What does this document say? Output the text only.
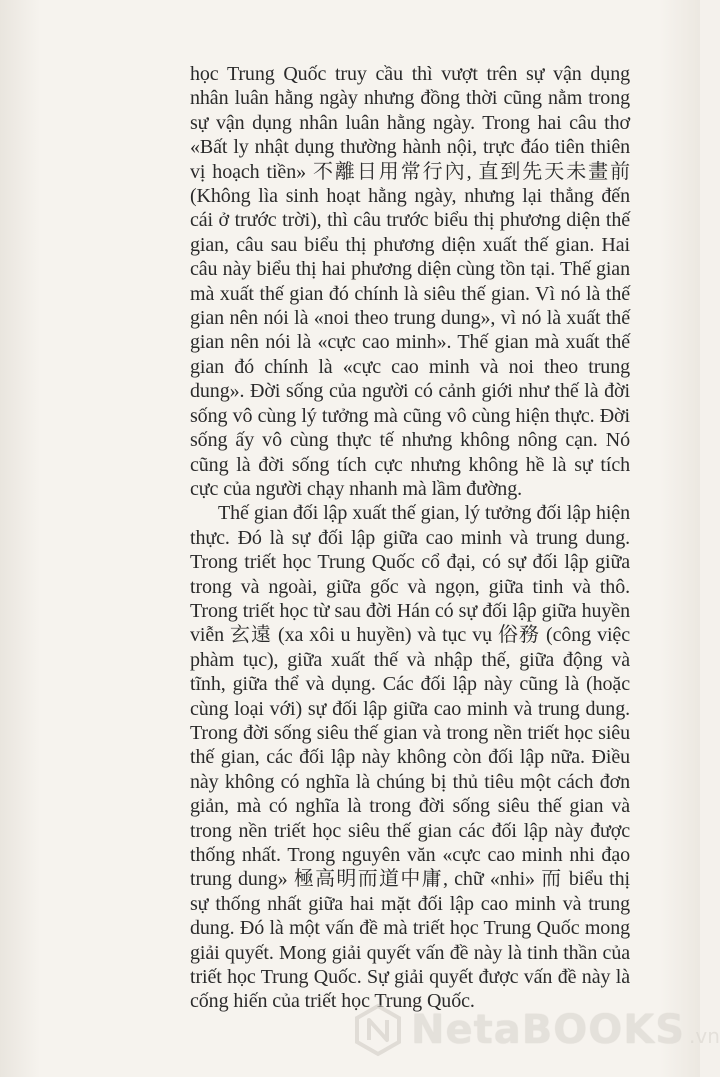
học Trung Quốc truy cầu thì vượt trên sự vận dụng nhân luân hằng ngày nhưng đồng thời cũng nằm trong sự vận dụng nhân luân hằng ngày. Trong hai câu thơ «Bất ly nhật dụng thường hành nội, trực đáo tiên thiên vị hoạch tiền» 不離日用常行內, 直到先天未畫前 (Không lìa sinh hoạt hằng ngày, nhưng lại thẳng đến cái ở trước trời), thì câu trước biểu thị phương diện thế gian, câu sau biểu thị phương diện xuất thế gian. Hai câu này biểu thị hai phương diện cùng tồn tại. Thế gian mà xuất thế gian đó chính là siêu thế gian. Vì nó là thế gian nên nói là «noi theo trung dung», vì nó là xuất thế gian nên nói là «cực cao minh». Thế gian mà xuất thế gian đó chính là «cực cao minh và noi theo trung dung». Đời sống của người có cảnh giới như thế là đời sống vô cùng lý tưởng mà cũng vô cùng hiện thực. Đời sống ấy vô cùng thực tế nhưng không nông cạn. Nó cũng là đời sống tích cực nhưng không hề là sự tích cực của người chạy nhanh mà lầm đường.

Thế gian đối lập xuất thế gian, lý tưởng đối lập hiện thực. Đó là sự đối lập giữa cao minh và trung dung. Trong triết học Trung Quốc cổ đại, có sự đối lập giữa trong và ngoài, giữa gốc và ngọn, giữa tinh và thô. Trong triết học từ sau đời Hán có sự đối lập giữa huyền viễn 玄遠 (xa xôi u huyền) và tục vụ 俗務 (công việc phàm tục), giữa xuất thế và nhập thế, giữa động và tĩnh, giữa thể và dụng. Các đối lập này cũng là (hoặc cùng loại với) sự đối lập giữa cao minh và trung dung. Trong đời sống siêu thế gian và trong nền triết học siêu thế gian, các đối lập này không còn đối lập nữa. Điều này không có nghĩa là chúng bị thủ tiêu một cách đơn giản, mà có nghĩa là trong đời sống siêu thế gian và trong nền triết học siêu thế gian các đối lập này được thống nhất. Trong nguyên văn «cực cao minh nhi đạo trung dung» 極高明而道中庸, chữ «nhi» 而 biểu thị sự thống nhất giữa hai mặt đối lập cao minh và trung dung. Đó là một vấn đề mà triết học Trung Quốc mong giải quyết. Mong giải quyết vấn đề này là tinh thần của triết học Trung Quốc. Sự giải quyết được vấn đề này là cống hiến của triết học Trung Quốc.

NetaBOOKS .vn
